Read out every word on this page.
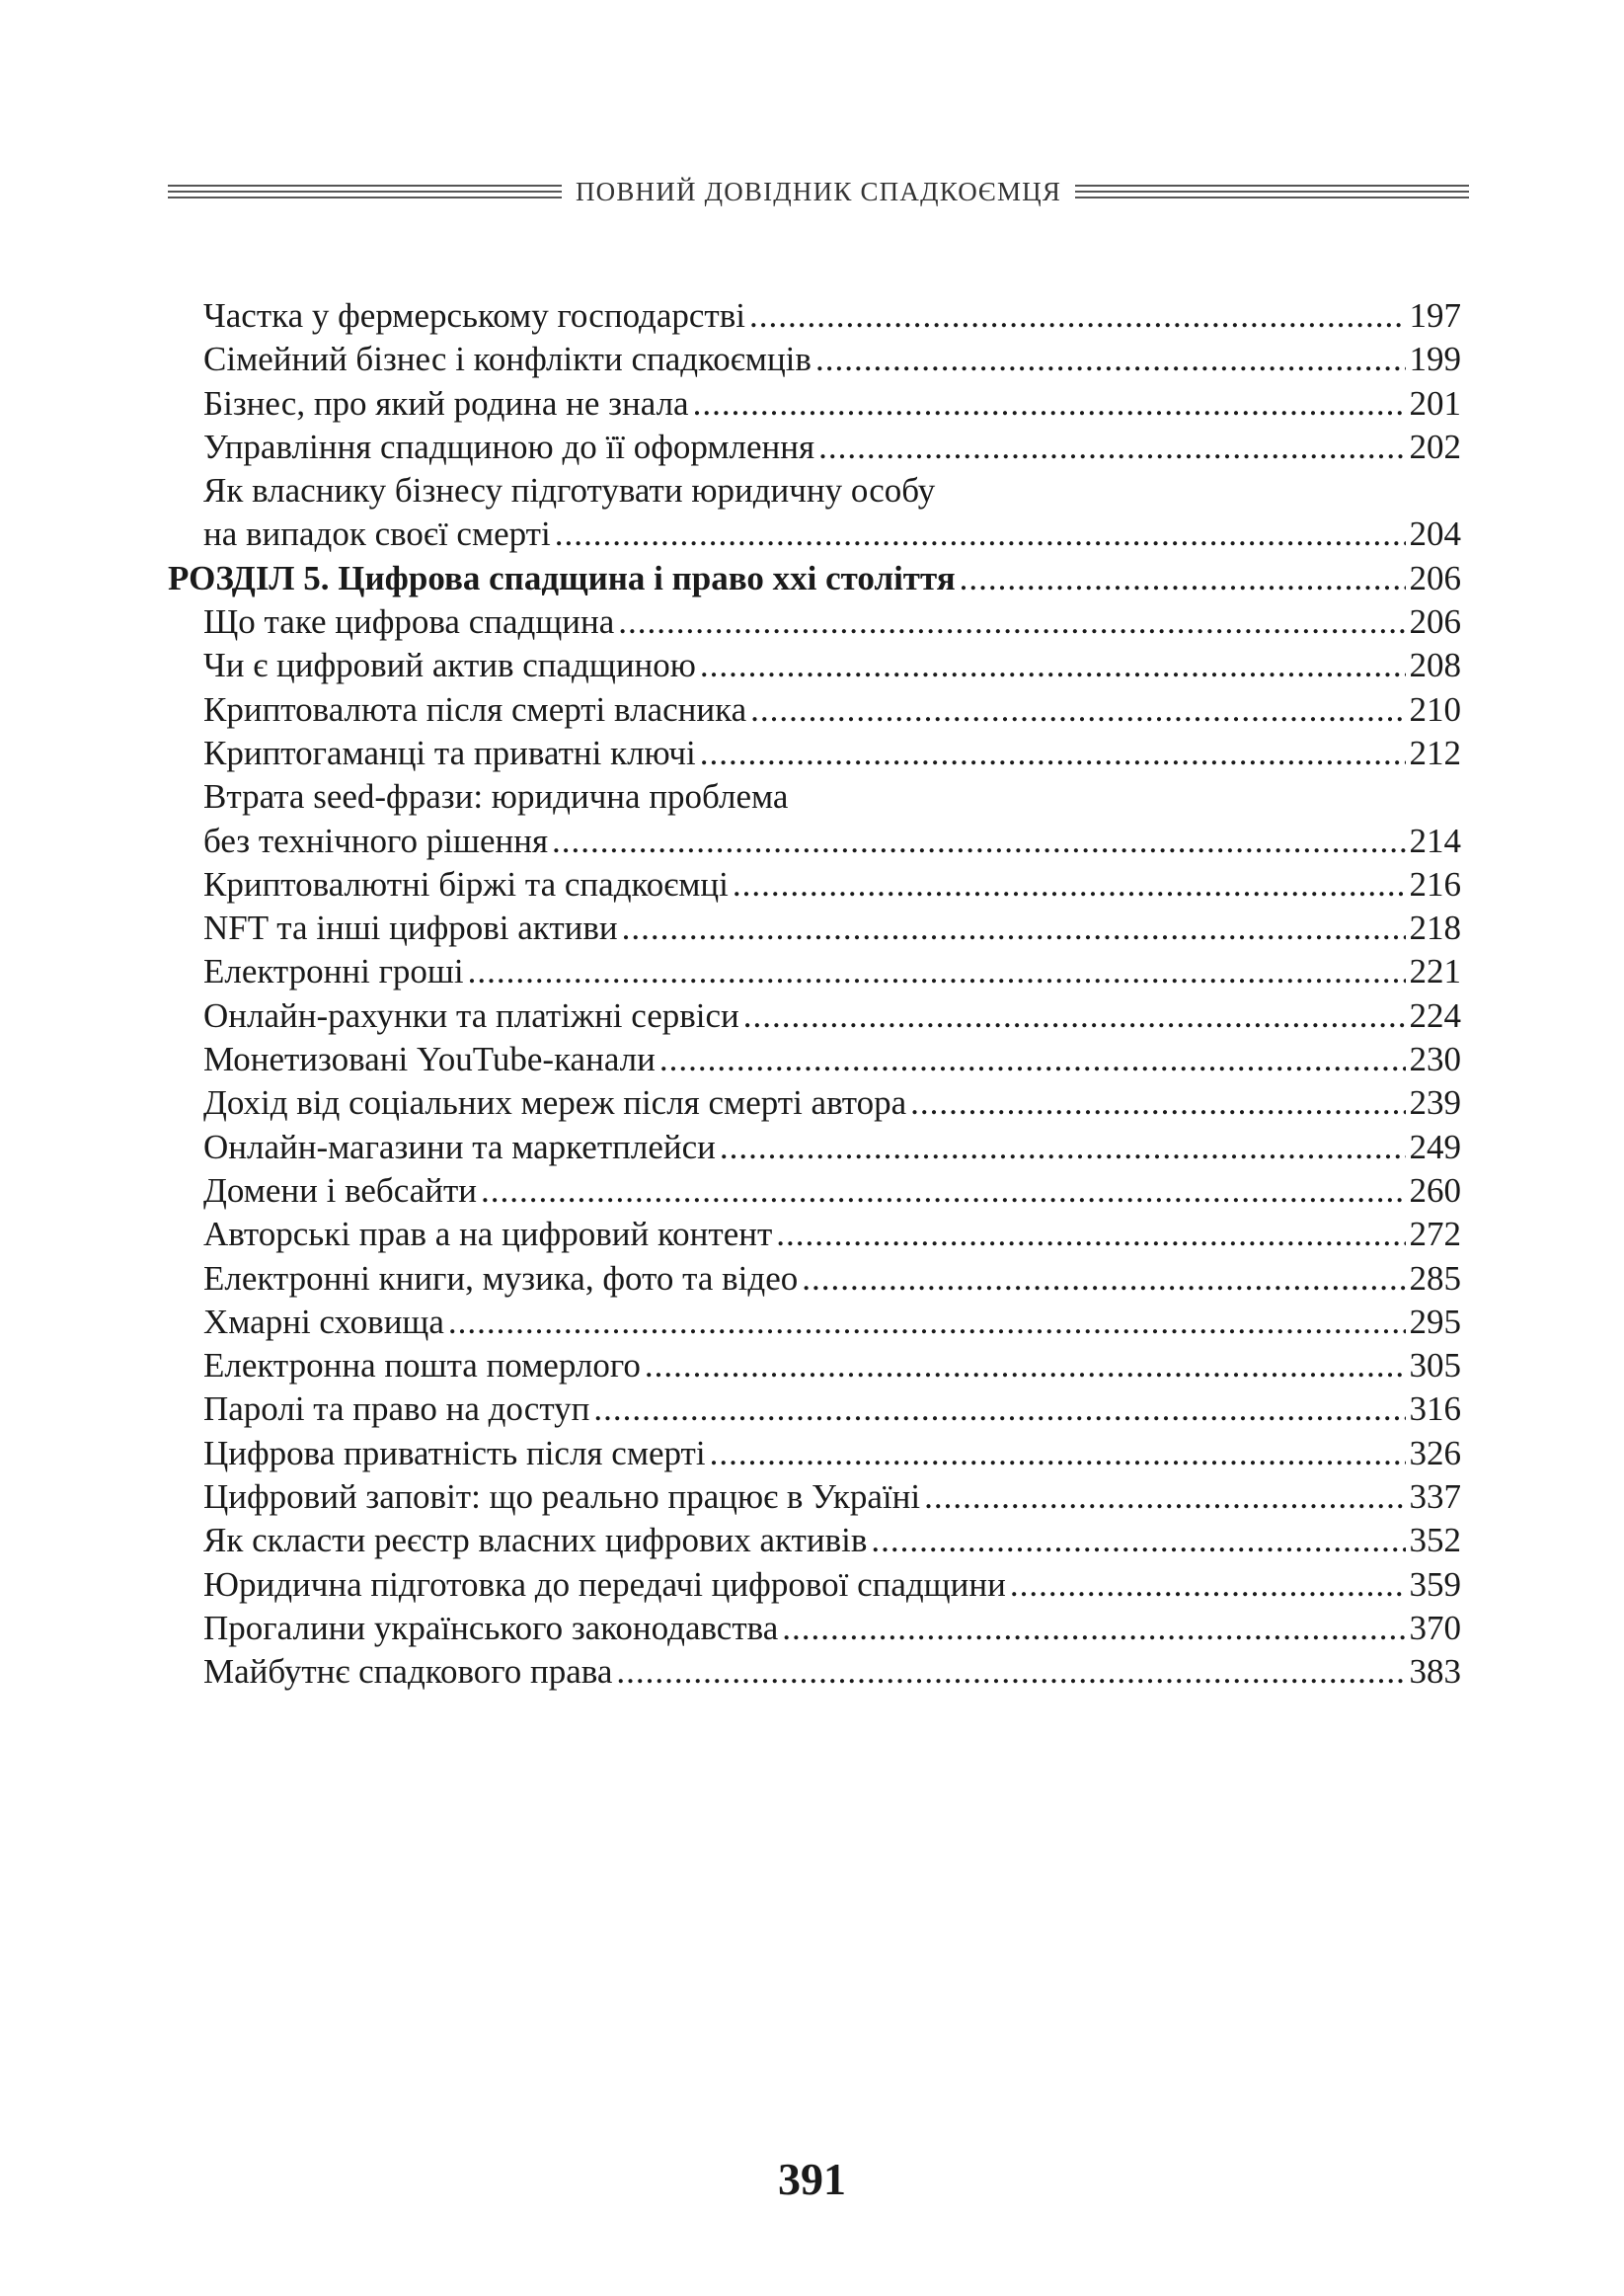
ПОВНИЙ ДОВІДНИК СПАДКОЄМЦЯ
Частка у фермерському господарстві .....	197
Сімейний бізнес і конфлікти спадкоємців .....	199
Бізнес, про який родина не знала .....	201
Управління спадщиною до її оформлення .....	202
Як власнику бізнесу підготувати юридичну особу
на випадок своєї смерті .....	204
РОЗДІЛ 5. Цифрова спадщина і право ххі століття .....	206
Що таке цифрова спадщина .....	206
Чи є цифровий актив спадщиною .....	208
Криптовалюта після смерті власника .....	210
Криптогаманці та приватні ключі .....	212
Втрата seed-фрази: юридична проблема
без технічного рішення .....	214
Криптовалютні біржі та спадкоємці .....	216
NFT та інші цифрові активи .....	218
Електронні гроші .....	221
Онлайн-рахунки та платіжні сервіси .....	224
Монетизовані YouTube-канали .....	230
Дохід від соціальних мереж після смерті автора .....	239
Онлайн-магазини та маркетплейси .....	249
Домени і вебсайти .....	260
Авторські прав а на цифровий контент .....	272
Електронні книги, музика, фото та відео .....	285
Хмарні сховища .....	295
Електронна пошта померлого .....	305
Паролі та право на доступ .....	316
Цифрова приватність після смерті .....	326
Цифровий заповіт: що реально працює в Україні .....	337
Як скласти реєстр власних цифрових активів .....	352
Юридична підготовка до передачі цифрової спадщини .....	359
Прогалини українського законодавства .....	370
Майбутнє спадкового права .....	383
391
